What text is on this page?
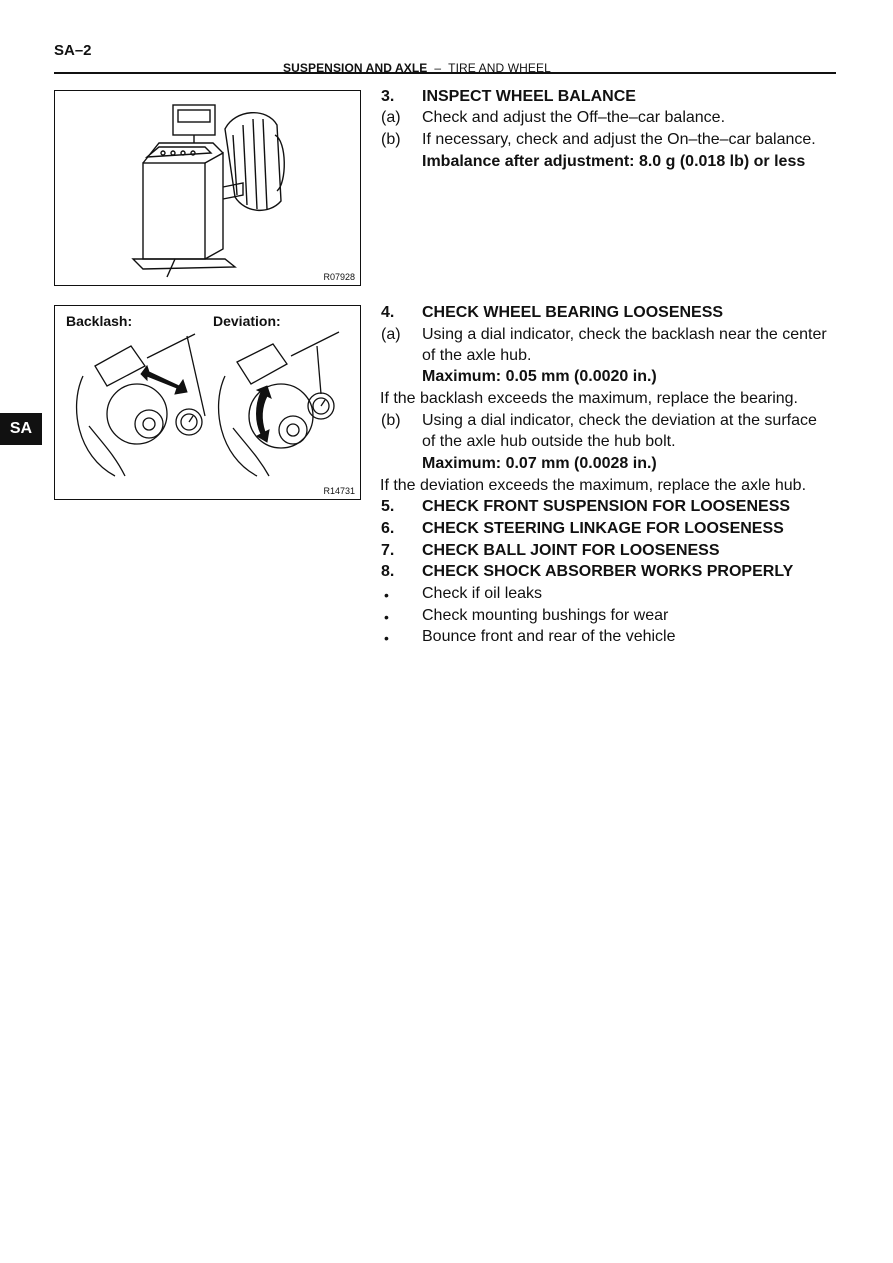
SA–2
SUSPENSION AND AXLE – TIRE AND WHEEL
SA
R07928
Backlash:	Deviation:
R14731
3. INSPECT WHEEL BALANCE
(a) Check and adjust the Off–the–car balance.
(b) If necessary, check and adjust the On–the–car balance.
Imbalance after adjustment: 8.0 g (0.018 lb) or less
4. CHECK WHEEL BEARING LOOSENESS
(a) Using a dial indicator, check the backlash near the center
of the axle hub.
Maximum: 0.05 mm (0.0020 in.)
If the backlash exceeds the maximum, replace the bearing.
(b) Using a dial indicator, check the deviation at the surface
of the axle hub outside the hub bolt.
Maximum: 0.07 mm (0.0028 in.)
If the deviation exceeds the maximum, replace the axle hub.
5. CHECK FRONT SUSPENSION FOR LOOSENESS
6. CHECK STEERING LINKAGE FOR LOOSENESS
7. CHECK BALL JOINT FOR LOOSENESS
8. CHECK SHOCK ABSORBER WORKS PROPERLY
• Check if oil leaks
• Check mounting bushings for wear
• Bounce front and rear of the vehicle
